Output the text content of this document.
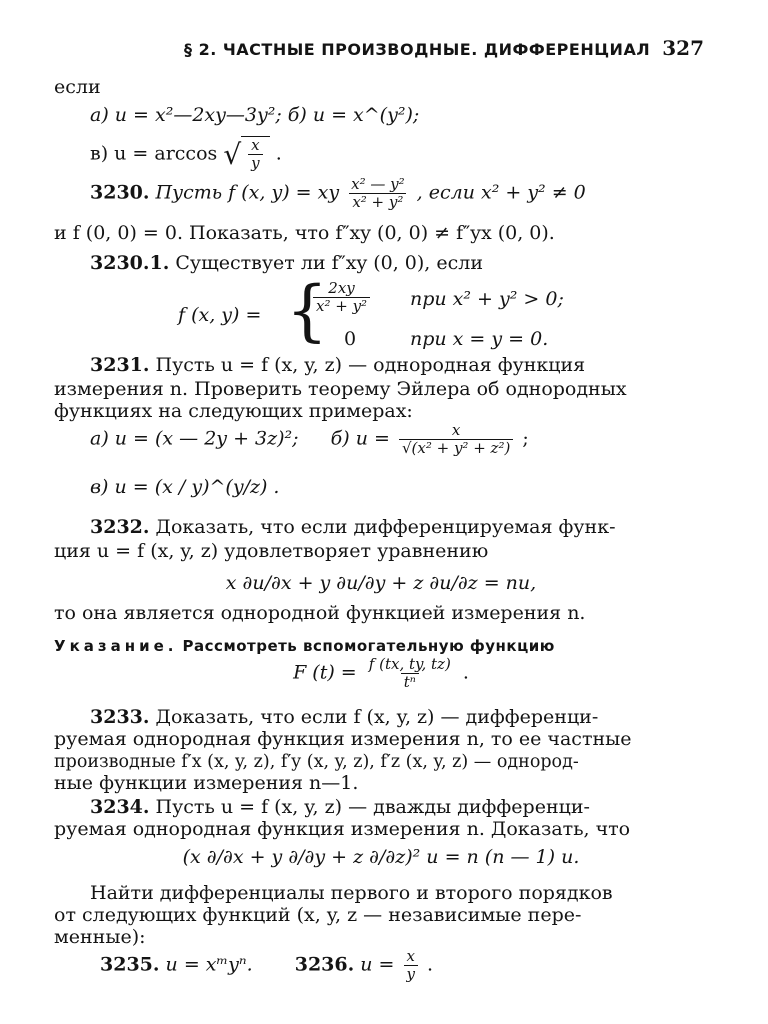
§ 2. ЧАСТНЫЕ ПРОИЗВОДНЫЕ. ДИФФЕРЕНЦИАЛ 327
если
а) u = x²—2xy—3y²; б) u = x^(y²);
в) u = arccos √ $\frac{x}{y}$ .
3230. Пусть f (x, y) = xy $\frac{\text{x² — y²}}{\text{x² + y²}}$ , если x² + y² ≠ 0
и f (0, 0) = 0. Показать, что f″xy (0, 0) ≠ f″yx (0, 0).
3230.1. Существует ли f″xy (0, 0), если
f (x, y) = {
$\frac{2xy}{\text{x² + y²}}$ при x² + y² > 0;
0	при x = y = 0.
3231. Пусть u = f (x, y, z) — однородная функция
измерения n. Проверить теорему Эйлера об однородных
функциях на следующих примерах:
а) u = (x — 2y + 3z)²; б) $u = \frac{x}{\text{√(x² + y² + z²)}}$ ;
в) u = (x / y)^(y/z) .
3232. Доказать, что если дифференцируемая функ-
ция u = f (x, y, z) удовлетворяет уравнению
x ∂u/∂x + y ∂u/∂y + z ∂u/∂z = nu,
то она является однородной функцией измерения n.
Указание. Рассмотреть вспомогательную функцию
F $(t) = \frac{f (tx, ty, tz)}{\text{tⁿ}}$ .
3233. Доказать, что если f (x, y, z) — дифференци-
руемая однородная функция измерения n, то ее частные
производные f′x (x, y, z), f′y (x, y, z), f′z (x, y, z) — однород-
ные функции измерения n—1.
3234. Пусть u = f (x, y, z) — дважды дифференци-
руемая однородная функция измерения n. Доказать, что
(x ∂/∂x + y ∂/∂y + z ∂/∂z)² u = n (n — 1) u.
Найти дифференциалы первого и второго порядков
от следующих функций (x, y, z — независимые пере-
менные):
3235. u = xᵐyⁿ. 3236. $u = \frac{x}{y}$ .
